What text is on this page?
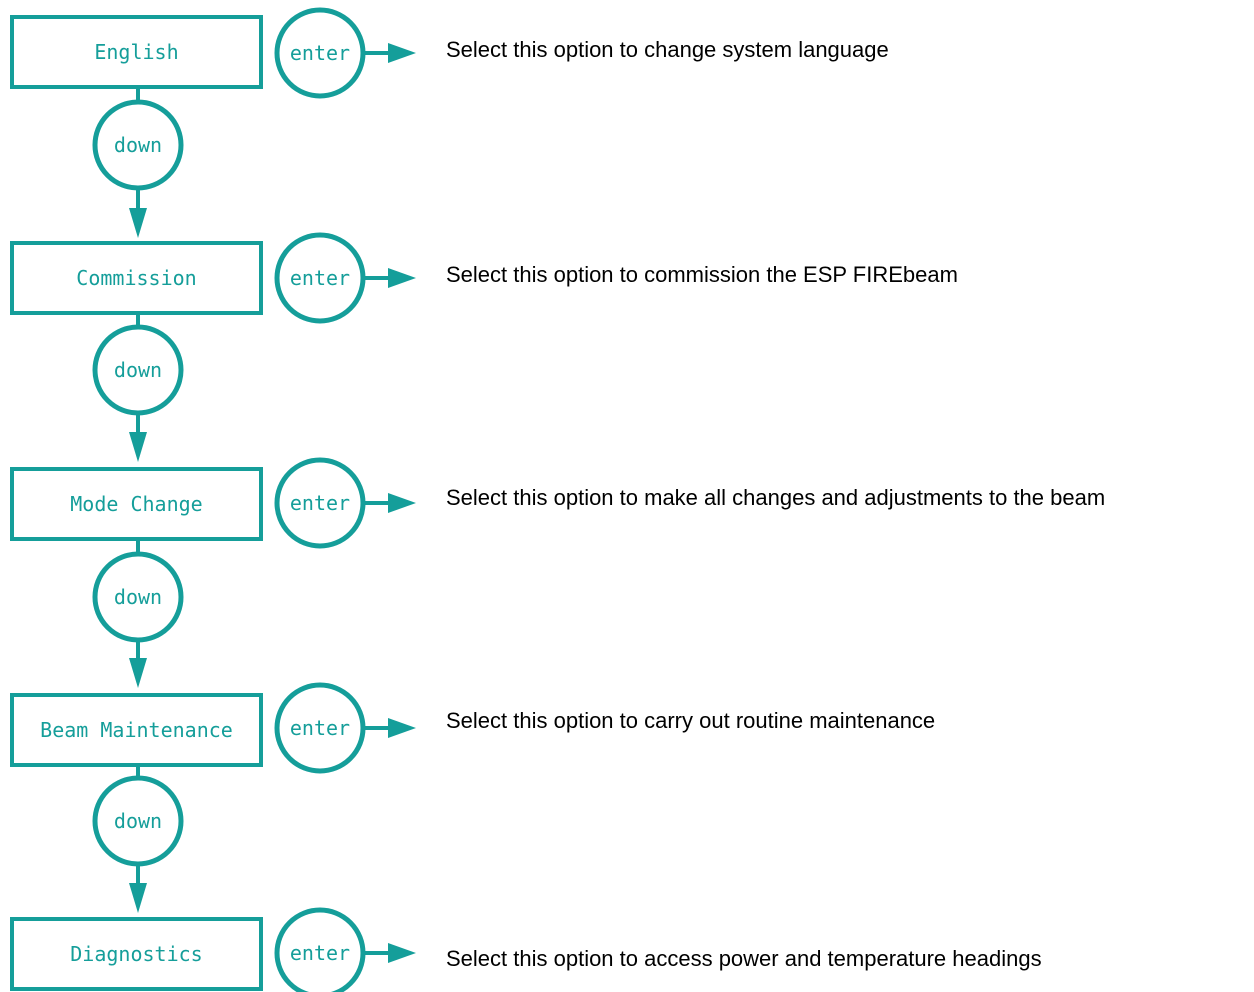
English	enter
down
Commission	enter
down
Mode Change	enter
down
Beam Maintenance	enter
down
Diagnostics	enter
Select this option to change system language
Select this option to commission the ESP FIREbeam
Select this option to make all changes and adjustments to the beam
Select this option to carry out routine maintenance
Select this option to access power and temperature headings
